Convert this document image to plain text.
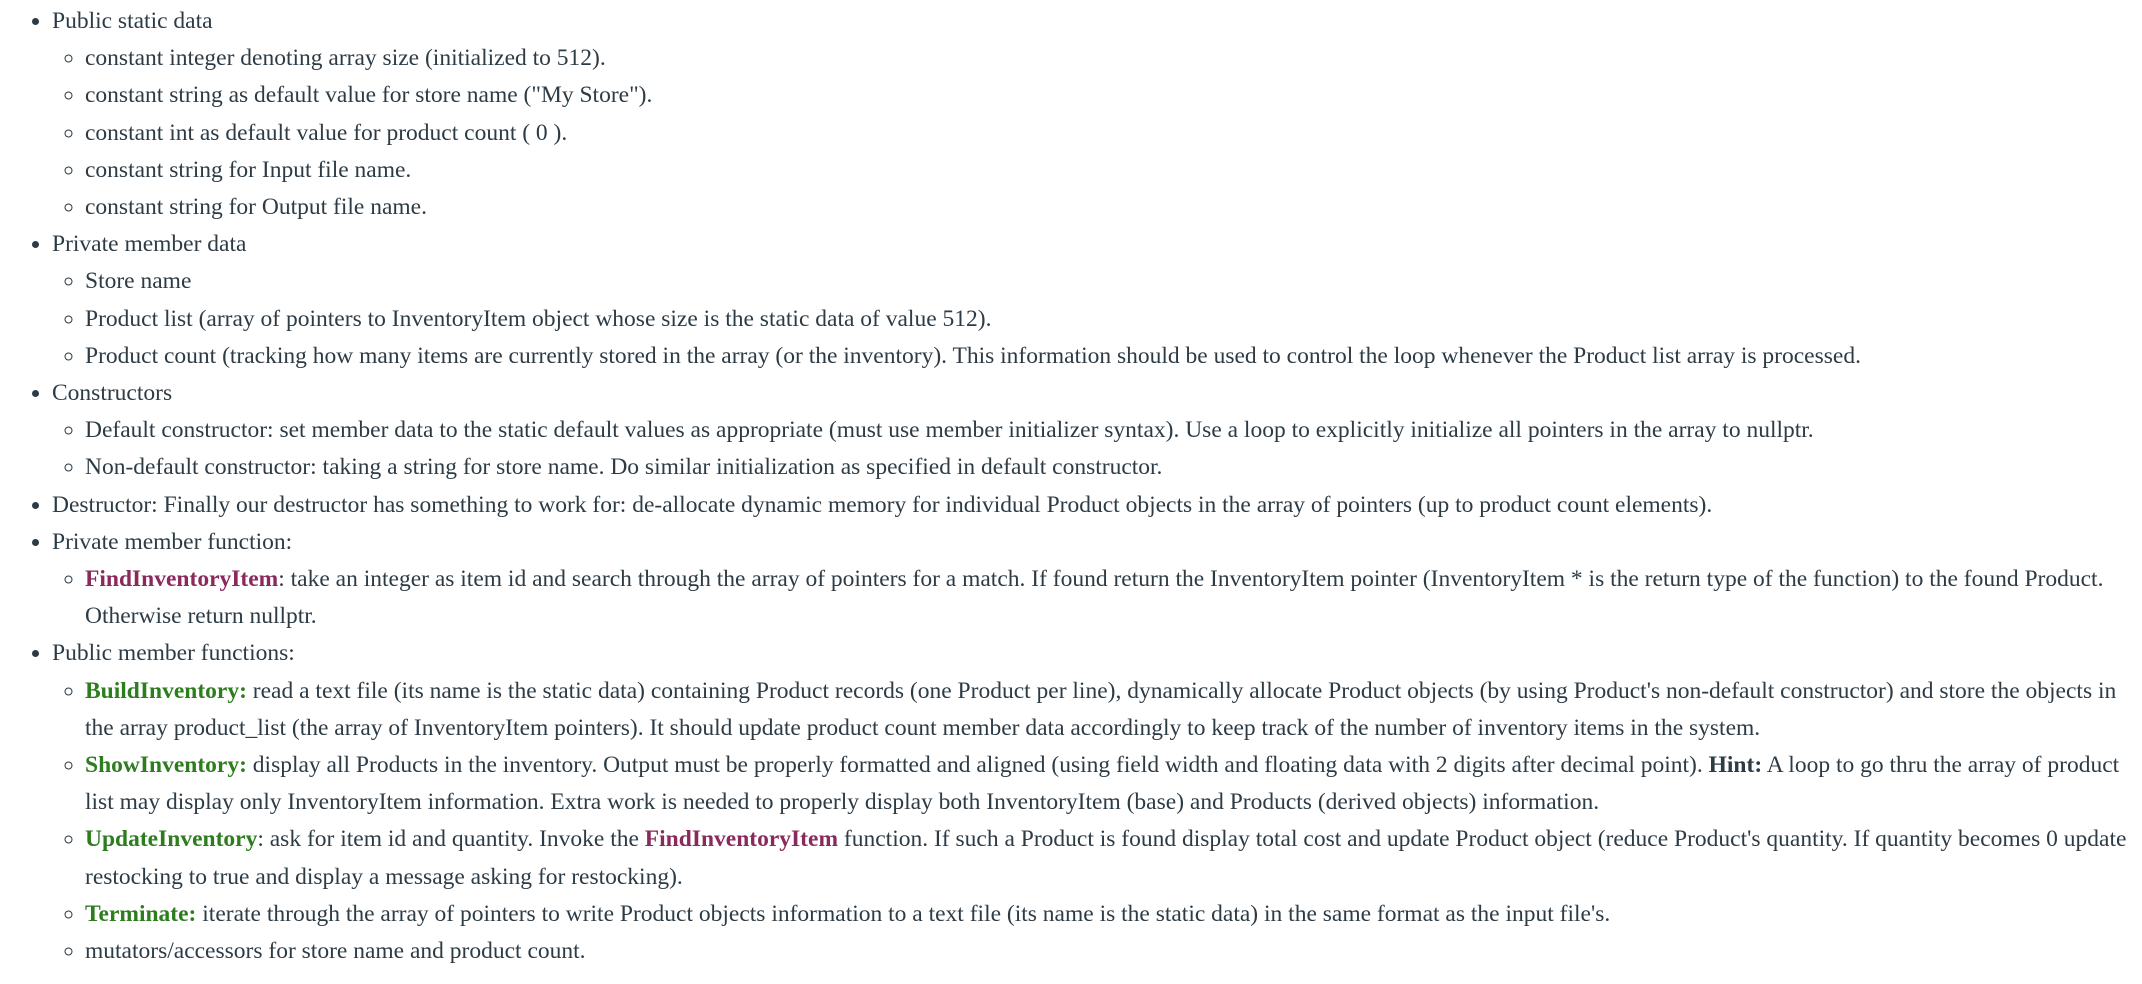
• Public static data
◦ constant integer denoting array size (initialized to 512).
◦ constant string as default value for store name ("My Store").
◦ constant int as default value for product count ( 0 ).
◦ constant string for Input file name.
◦ constant string for Output file name.
• Private member data
◦ Store name
◦ Product list (array of pointers to InventoryItem object whose size is the static data of value 512).
◦ Product count (tracking how many items are currently stored in the array (or the inventory). This information should be used to control the loop whenever the Product list array is processed.
• Constructors
◦ Default constructor: set member data to the static default values as appropriate (must use member initializer syntax). Use a loop to explicitly initialize all pointers in the array to nullptr.
◦ Non-default constructor: taking a string for store name. Do similar initialization as specified in default constructor.
• Destructor: Finally our destructor has something to work for: de-allocate dynamic memory for individual Product objects in the array of pointers (up to product count elements).
• Private member function:
◦ FindInventoryItem: take an integer as item id and search through the array of pointers for a match. If found return the InventoryItem pointer (InventoryItem * is the return type of the function) to the found Product. Otherwise return nullptr.
• Public member functions:
◦ BuildInventory: read a text file (its name is the static data) containing Product records (one Product per line), dynamically allocate Product objects (by using Product's non-default constructor) and store the objects in the array product_list (the array of InventoryItem pointers). It should update product count member data accordingly to keep track of the number of inventory items in the system.
◦ ShowInventory: display all Products in the inventory. Output must be properly formatted and aligned (using field width and floating data with 2 digits after decimal point). Hint: A loop to go thru the array of product list may display only InventoryItem information. Extra work is needed to properly display both InventoryItem (base) and Products (derived objects) information.
◦ UpdateInventory: ask for item id and quantity. Invoke the FindInventoryItem function. If such a Product is found display total cost and update Product object (reduce Product's quantity. If quantity becomes 0 update restocking to true and display a message asking for restocking).
◦ Terminate: iterate through the array of pointers to write Product objects information to a text file (its name is the static data) in the same format as the input file's.
◦ mutators/accessors for store name and product count.
